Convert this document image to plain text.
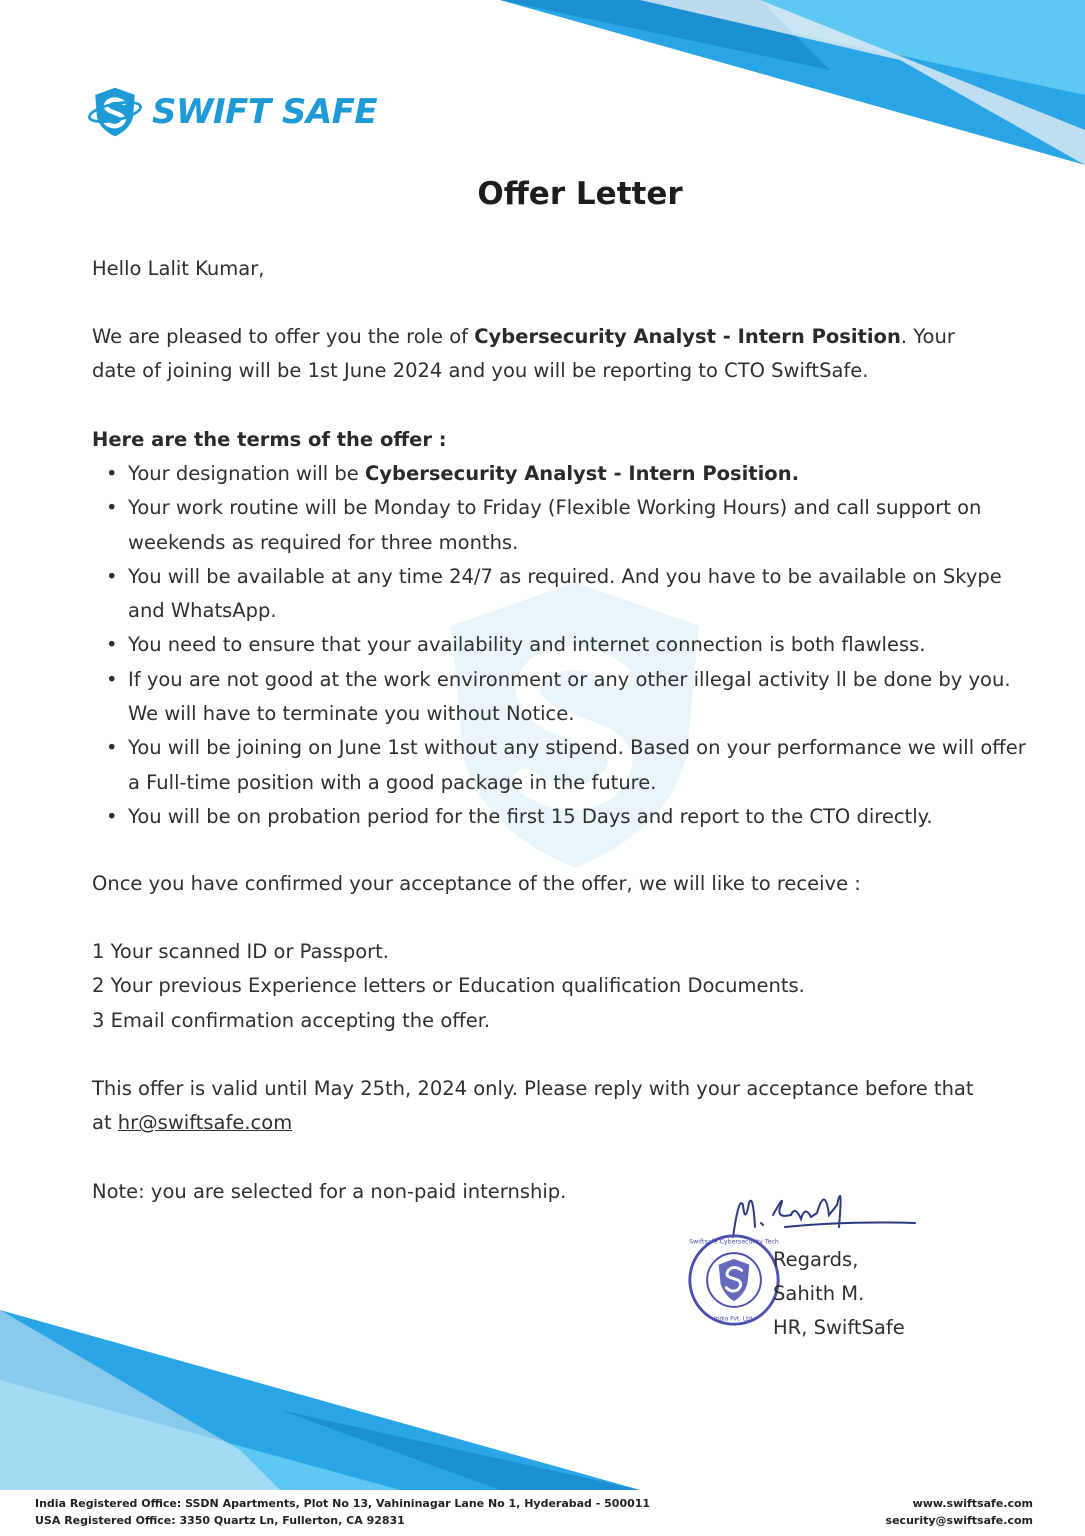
SWIFT SAFE
Offer Letter
Hello Lalit Kumar,
We are pleased to offer you the role of Cybersecurity Analyst - Intern Position. Your date of joining will be 1st June 2024 and you will be reporting to CTO SwiftSafe.
Here are the terms of the offer :
• Your designation will be Cybersecurity Analyst - Intern Position.
• Your work routine will be Monday to Friday (Flexible Working Hours) and call support on weekends as required for three months.
• You will be available at any time 24/7 as required. And you have to be available on Skype and WhatsApp.
• You need to ensure that your availability and internet connection is both flawless.
• If you are not good at the work environment or any other illegal activity ll be done by you. We will have to terminate you without Notice.
• You will be joining on June 1st without any stipend. Based on your performance we will offer a Full-time position with a good package in the future.
• You will be on probation period for the first 15 Days and report to the CTO directly.
Once you have confirmed your acceptance of the offer, we will like to receive :
1 Your scanned ID or Passport.
2 Your previous Experience letters or Education qualification Documents.
3 Email confirmation accepting the offer.
This offer is valid until May 25th, 2024 only. Please reply with your acceptance before that at hr@swiftsafe.com
Note: you are selected for a non-paid internship.
Swiftsafe Cybersecurity Tech
India Pvt. Ltd.
Regards,
Sahith M.
HR, SwiftSafe
India Registered Office: SSDN Apartments, Plot No 13, Vahininagar Lane No 1, Hyderabad - 500011
USA Registered Office: 3350 Quartz Ln, Fullerton, CA 92831
www.swiftsafe.com
security@swiftsafe.com
